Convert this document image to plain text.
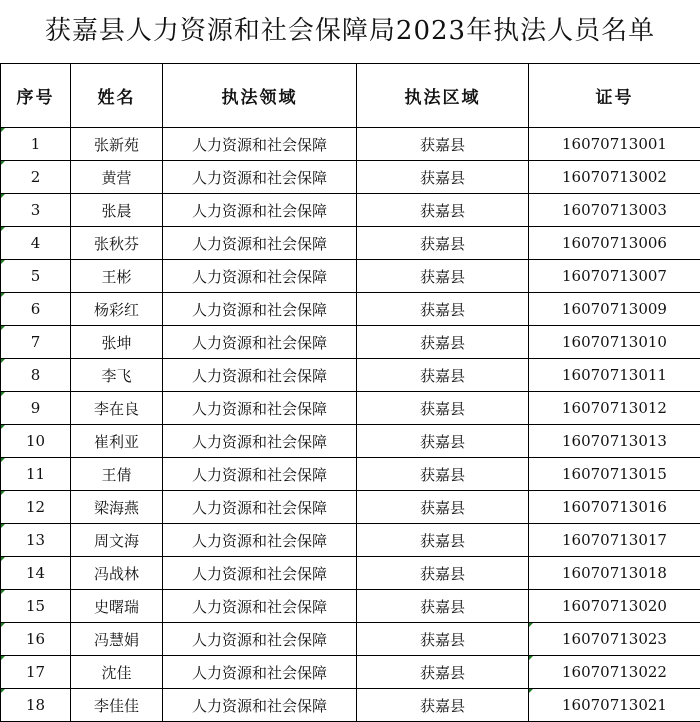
获嘉县人力资源和社会保障局2023年执法人员名单
序号	姓名	执法领域	执法区域	证号
1	张新苑	人力资源和社会保障	获嘉县	16070713001
2	黄营	人力资源和社会保障	获嘉县	16070713002
3	张晨	人力资源和社会保障	获嘉县	16070713003
4	张秋芬	人力资源和社会保障	获嘉县	16070713006
5	王彬	人力资源和社会保障	获嘉县	16070713007
6	杨彩红	人力资源和社会保障	获嘉县	16070713009
7	张坤	人力资源和社会保障	获嘉县	16070713010
8	李飞	人力资源和社会保障	获嘉县	16070713011
9	李在良	人力资源和社会保障	获嘉县	16070713012
10	崔利亚	人力资源和社会保障	获嘉县	16070713013
11	王倩	人力资源和社会保障	获嘉县	16070713015
12	梁海燕	人力资源和社会保障	获嘉县	16070713016
13	周文海	人力资源和社会保障	获嘉县	16070713017
14	冯战林	人力资源和社会保障	获嘉县	16070713018
15	史曙瑞	人力资源和社会保障	获嘉县	16070713020
16	冯慧娟	人力资源和社会保障	获嘉县	16070713023
17	沈佳	人力资源和社会保障	获嘉县	16070713022
18	李佳佳	人力资源和社会保障	获嘉县	16070713021
